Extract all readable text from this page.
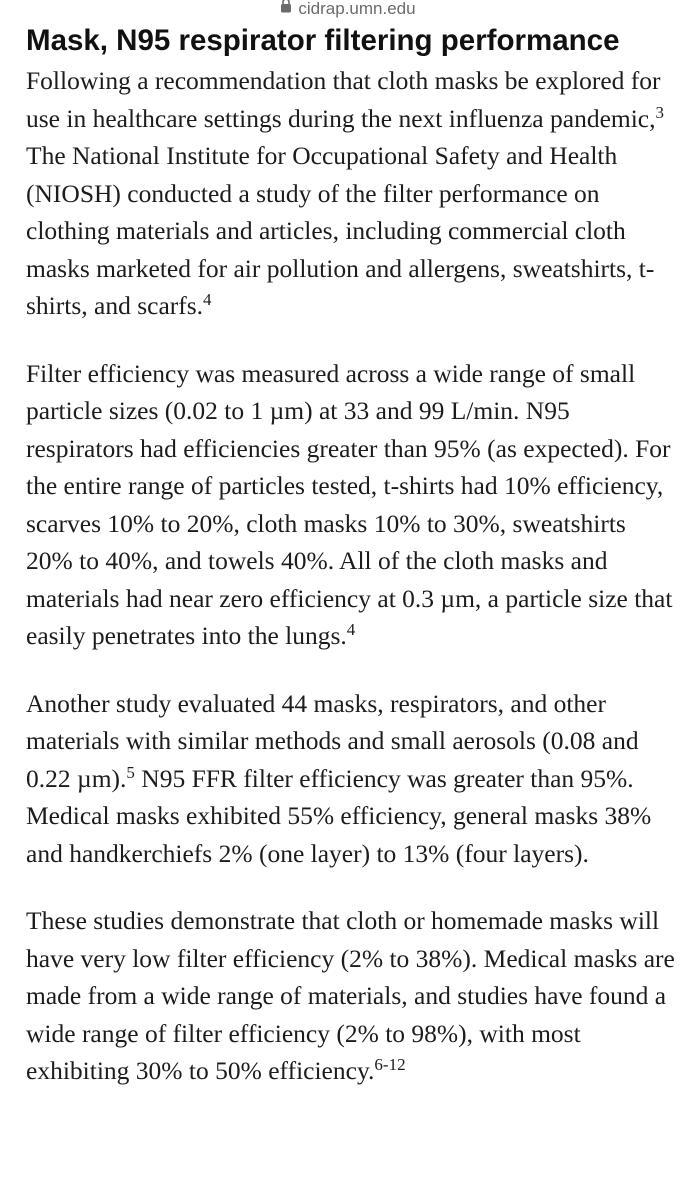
cidrap.umn.edu
Mask, N95 respirator filtering performance

Following a recommendation that cloth masks be explored for use in healthcare settings during the next influenza pandemic,$^3$ The National Institute for Occupational Safety and Health (NIOSH) conducted a study of the filter performance on clothing materials and articles, including commercial cloth masks marketed for air pollution and allergens, sweatshirts, t-shirts, and scarfs.$^4$

Filter efficiency was measured across a wide range of small particle sizes (0.02 to 1 µm) at 33 and 99 L/min. N95 respirators had efficiencies greater than 95% (as expected). For the entire range of particles tested, t-shirts had 10% efficiency, scarves 10% to 20%, cloth masks 10% to 30%, sweatshirts 20% to 40%, and towels 40%. All of the cloth masks and materials had near zero efficiency at 0.3 µm, a particle size that easily penetrates into the lungs.$^4$

Another study evaluated 44 masks, respirators, and other materials with similar methods and small aerosols (0.08 and 0.22 µm).$^5$ N95 FFR filter efficiency was greater than 95%. Medical masks exhibited 55% efficiency, general masks 38% and handkerchiefs 2% (one layer) to 13% (four layers).

These studies demonstrate that cloth or homemade masks will have very low filter efficiency (2% to 38%). Medical masks are made from a wide range of materials, and studies have found a wide range of filter efficiency (2% to 98%), with most exhibiting 30% to 50% efficiency.$^{6-12}$
